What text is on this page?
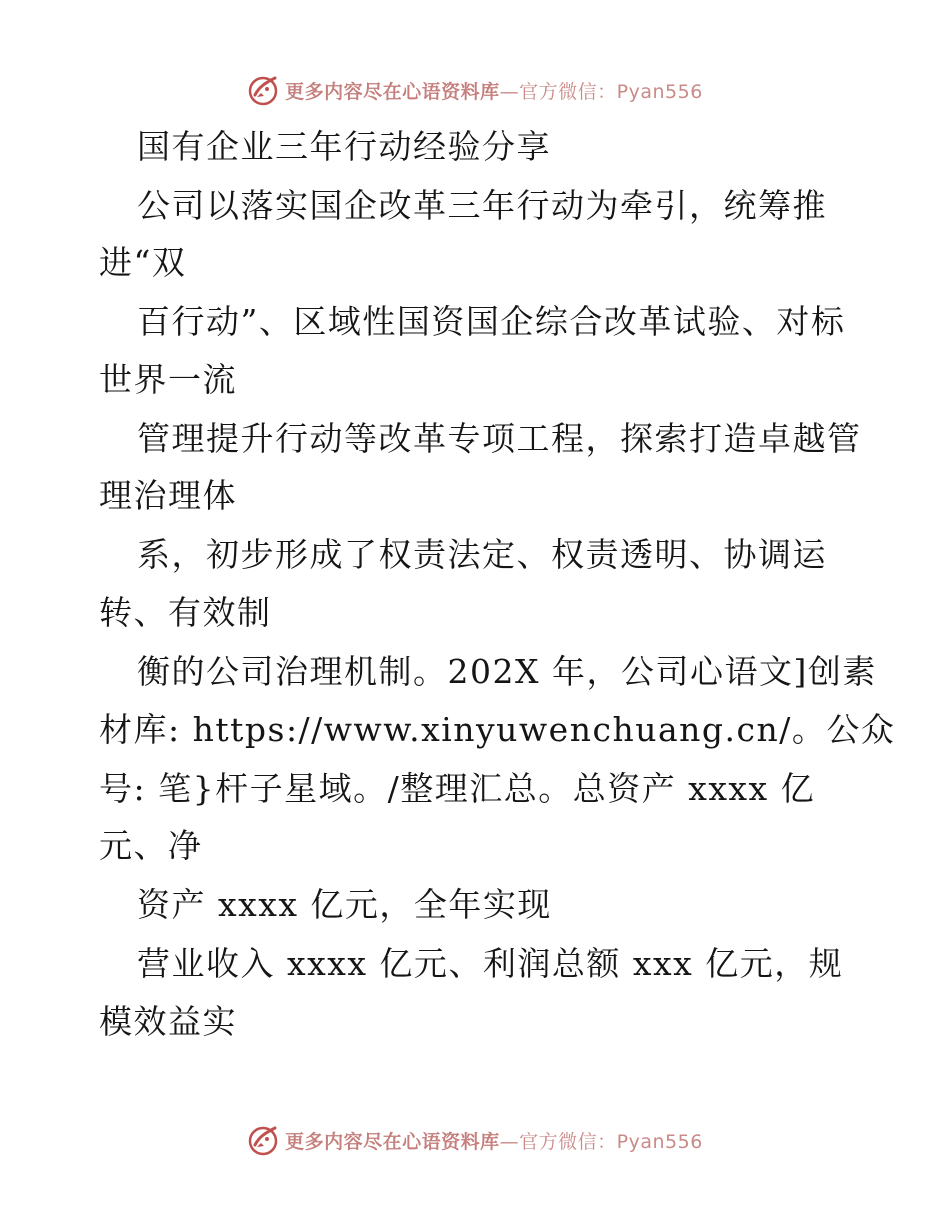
更多内容尽在心语资料库—官方微信：Pyan556
国有企业三年行动经验分享
公司以落实国企改革三年行动为牵引，统筹推
进“双
百行动”、区域性国资国企综合改革试验、对标
世界一流
管理提升行动等改革专项工程，探索打造卓越管
理治理体
系，初步形成了权责法定、权责透明、协调运
转、有效制
衡的公司治理机制。202X 年，公司心语文]创素
材库: https://www.xinyuwenchuang.cn/。公众
号: 笔}杆子星域。/整理汇总。总资产 xxxx 亿
元、净
资产 xxxx 亿元，全年实现
营业收入 xxxx 亿元、利润总额 xxx 亿元，规
模效益实
更多内容尽在心语资料库—官方微信：Pyan556
